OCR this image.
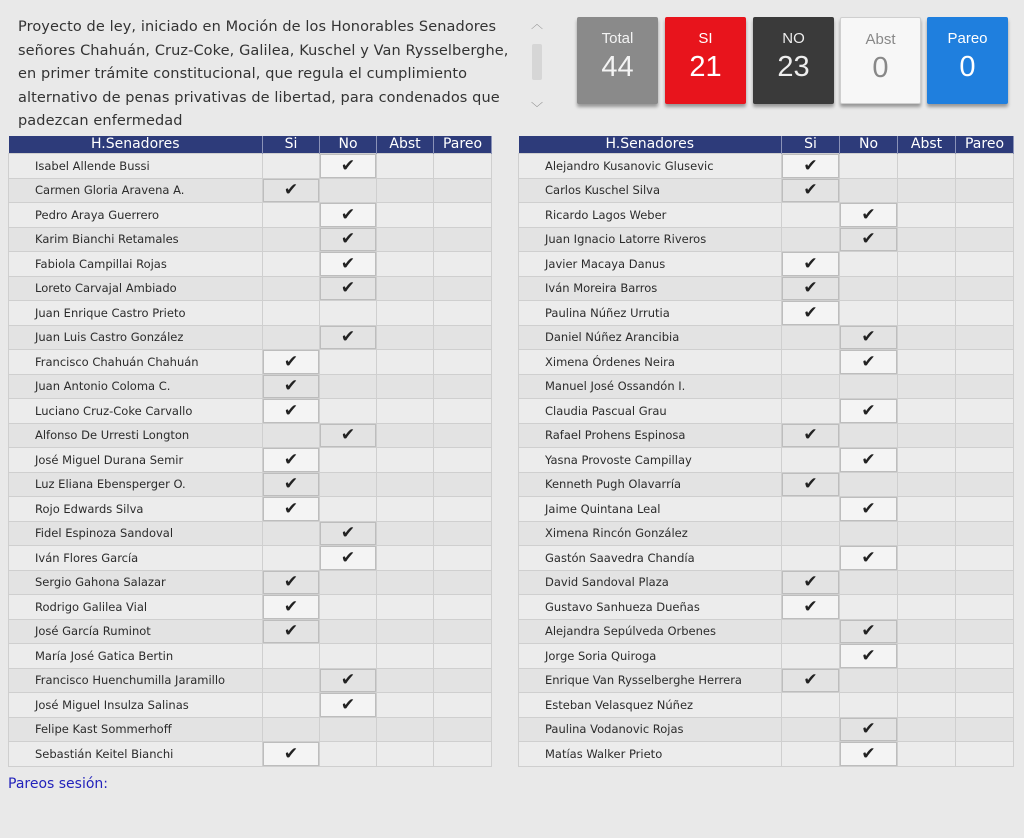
Proyecto de ley, iniciado en Moción de los Honorables Senadores señores Chahuán, Cruz-Coke, Galilea, Kuschel y Van Rysselberghe, en primer trámite constitucional, que regula el cumplimiento alternativo de penas privativas de libertad, para condenados que padezcan enfermedad
︿
﹀
Total
44
SI
21
NO
23
Abst
0
Pareo
0
H.Senadores	Si	No	Abst	Pareo
Isabel Allende Bussi		✔		
Carmen Gloria Aravena A.	✔			
Pedro Araya Guerrero		✔		
Karim Bianchi Retamales		✔		
Fabiola Campillai Rojas		✔		
Loreto Carvajal Ambiado		✔		
Juan Enrique Castro Prieto				
Juan Luis Castro González		✔		
Francisco Chahuán Chahuán	✔			
Juan Antonio Coloma C.	✔			
Luciano Cruz-Coke Carvallo	✔			
Alfonso De Urresti Longton		✔		
José Miguel Durana Semir	✔			
Luz Eliana Ebensperger O.	✔			
Rojo Edwards Silva	✔			
Fidel Espinoza Sandoval		✔		
Iván Flores García		✔		
Sergio Gahona Salazar	✔			
Rodrigo Galilea Vial	✔			
José García Ruminot	✔			
María José Gatica Bertin				
Francisco Huenchumilla Jaramillo		✔		
José Miguel Insulza Salinas		✔		
Felipe Kast Sommerhoff				
Sebastián Keitel Bianchi	✔			
H.Senadores	Si	No	Abst	Pareo
Alejandro Kusanovic Glusevic	✔			
Carlos Kuschel Silva	✔			
Ricardo Lagos Weber		✔		
Juan Ignacio Latorre Riveros		✔		
Javier Macaya Danus	✔			
Iván Moreira Barros	✔			
Paulina Núñez Urrutia	✔			
Daniel Núñez Arancibia		✔		
Ximena Órdenes Neira		✔		
Manuel José Ossandón I.				
Claudia Pascual Grau		✔		
Rafael Prohens Espinosa	✔			
Yasna Provoste Campillay		✔		
Kenneth Pugh Olavarría	✔			
Jaime Quintana Leal		✔		
Ximena Rincón González				
Gastón Saavedra Chandía		✔		
David Sandoval Plaza	✔			
Gustavo Sanhueza Dueñas	✔			
Alejandra Sepúlveda Orbenes		✔		
Jorge Soria Quiroga		✔		
Enrique Van Rysselberghe Herrera	✔			
Esteban Velasquez Núñez				
Paulina Vodanovic Rojas		✔		
Matías Walker Prieto		✔		
Pareos sesión:
